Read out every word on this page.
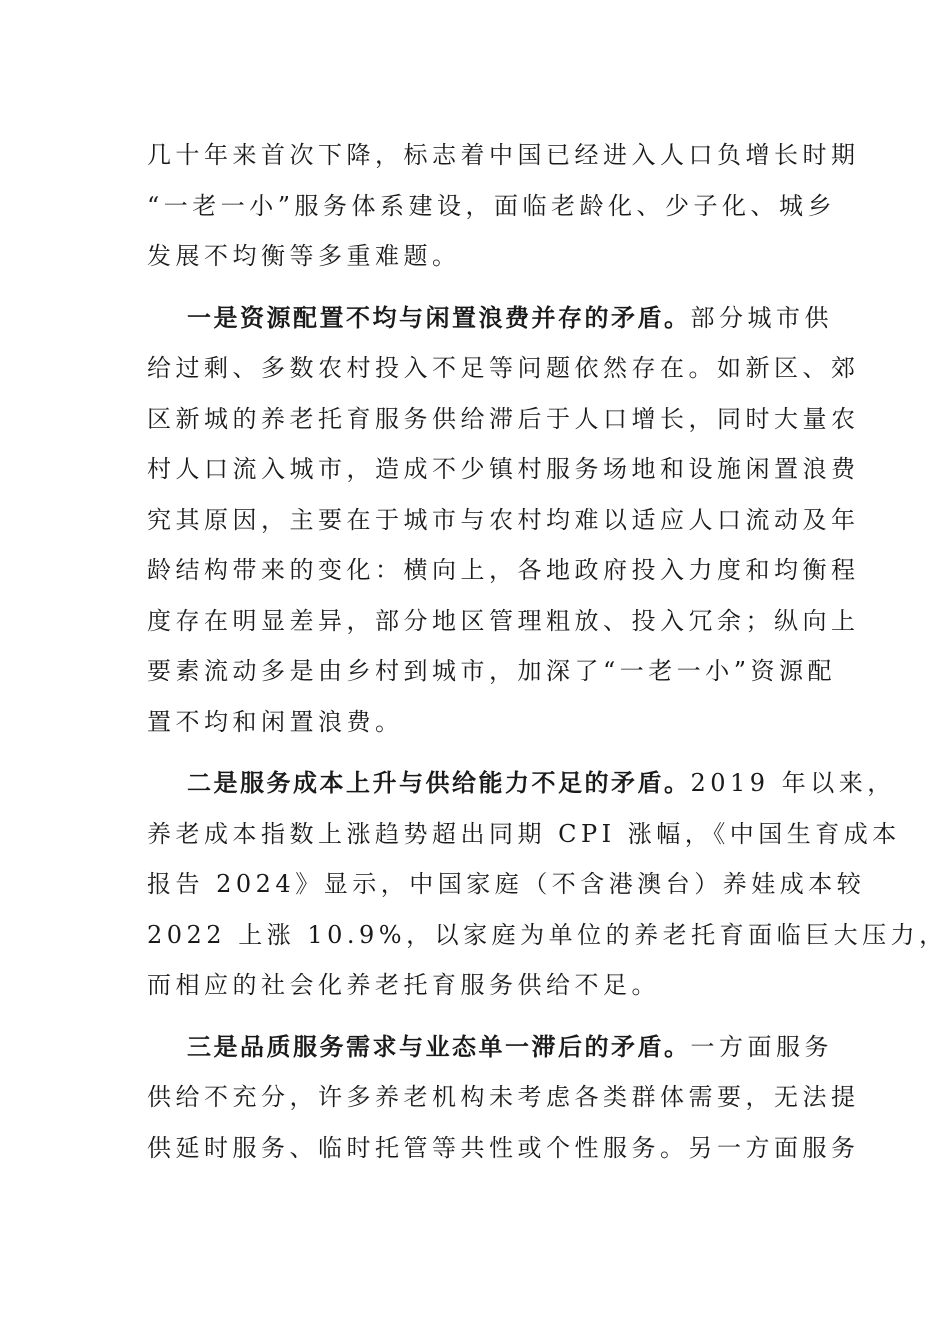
几十年来首次下降，标志着中国已经进入人口负增长时期
“一老一小”服务体系建设，面临老龄化、少子化、城乡
发展不均衡等多重难题。
一是资源配置不均与闲置浪费并存的矛盾。部分城市供
给过剩、多数农村投入不足等问题依然存在。如新区、郊
区新城的养老托育服务供给滞后于人口增长，同时大量农
村人口流入城市，造成不少镇村服务场地和设施闲置浪费
究其原因，主要在于城市与农村均难以适应人口流动及年
龄结构带来的变化：横向上，各地政府投入力度和均衡程
度存在明显差异，部分地区管理粗放、投入冗余；纵向上
要素流动多是由乡村到城市，加深了“一老一小”资源配
置不均和闲置浪费。
二是服务成本上升与供给能力不足的矛盾。2019 年以来，
养老成本指数上涨趋势超出同期 CPI 涨幅，《中国生育成本
报告 2024》显示，中国家庭（不含港澳台）养娃成本较
2022 上涨 10.9%，以家庭为单位的养老托育面临巨大压力，
而相应的社会化养老托育服务供给不足。
三是品质服务需求与业态单一滞后的矛盾。一方面服务
供给不充分，许多养老机构未考虑各类群体需要，无法提
供延时服务、临时托管等共性或个性服务。另一方面服务
